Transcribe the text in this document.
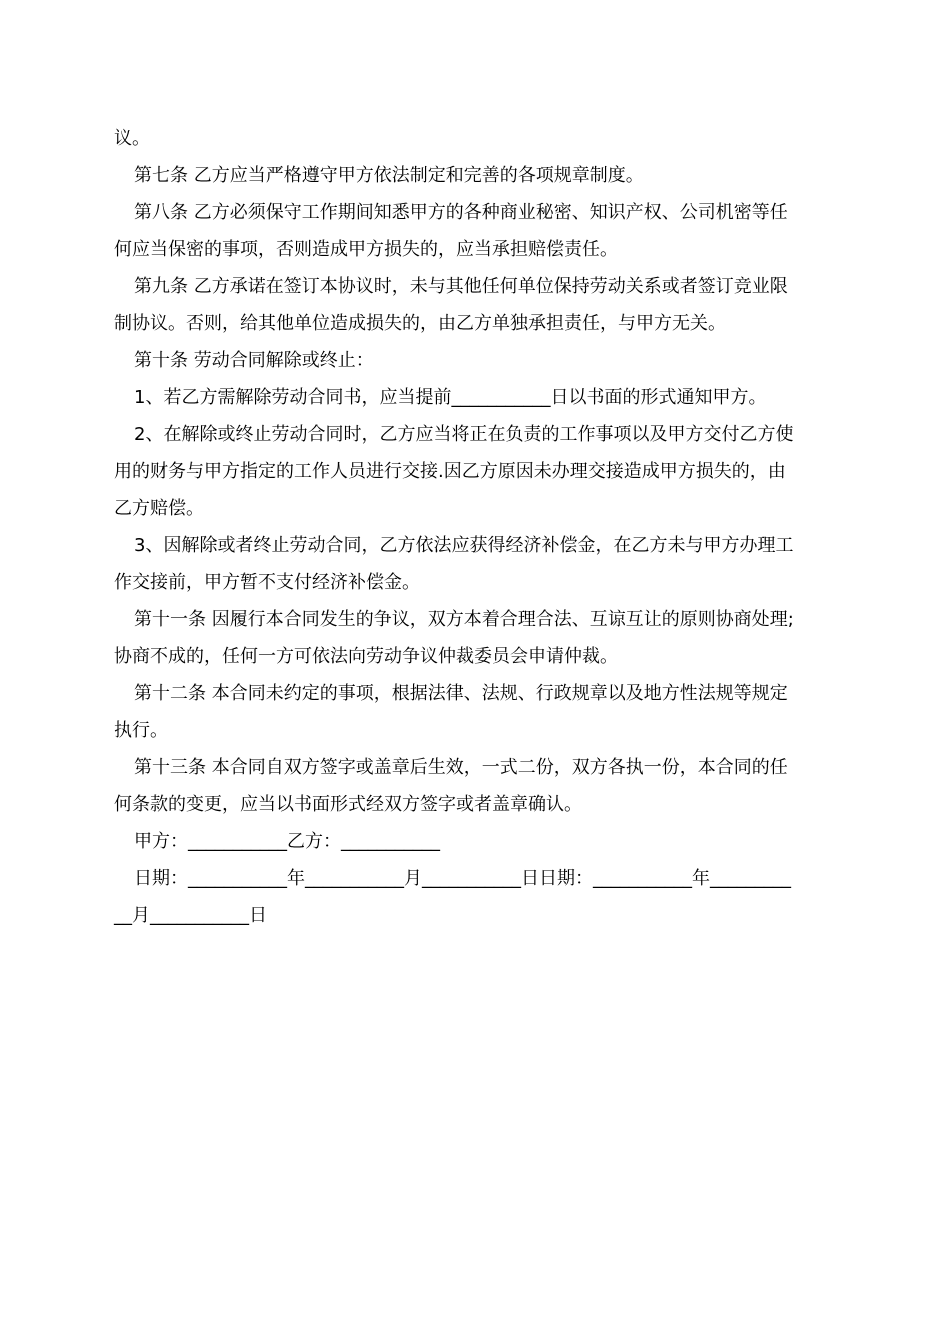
议。

第七条 乙方应当严格遵守甲方依法制定和完善的各项规章制度。

第八条 乙方必须保守工作期间知悉甲方的各种商业秘密、知识产权、公司机密等任
何应当保密的事项，否则造成甲方损失的，应当承担赔偿责任。

第九条 乙方承诺在签订本协议时，未与其他任何单位保持劳动关系或者签订竞业限
制协议。否则，给其他单位造成损失的，由乙方单独承担责任，与甲方无关。

第十条 劳动合同解除或终止：

1、若乙方需解除劳动合同书，应当提前___________日以书面的形式通知甲方。

2、在解除或终止劳动合同时，乙方应当将正在负责的工作事项以及甲方交付乙方使
用的财务与甲方指定的工作人员进行交接.因乙方原因未办理交接造成甲方损失的，由
乙方赔偿。

3、因解除或者终止劳动合同，乙方依法应获得经济补偿金，在乙方未与甲方办理工
作交接前，甲方暂不支付经济补偿金。

第十一条 因履行本合同发生的争议，双方本着合理合法、互谅互让的原则协商处理;
协商不成的，任何一方可依法向劳动争议仲裁委员会申请仲裁。

第十二条 本合同未约定的事项，根据法律、法规、行政规章以及地方性法规等规定
执行。

第十三条 本合同自双方签字或盖章后生效，一式二份，双方各执一份，本合同的任
何条款的变更，应当以书面形式经双方签字或者盖章确认。

甲方：___________乙方：___________

日期：___________年___________月___________日日期：___________年_________
__月___________日
